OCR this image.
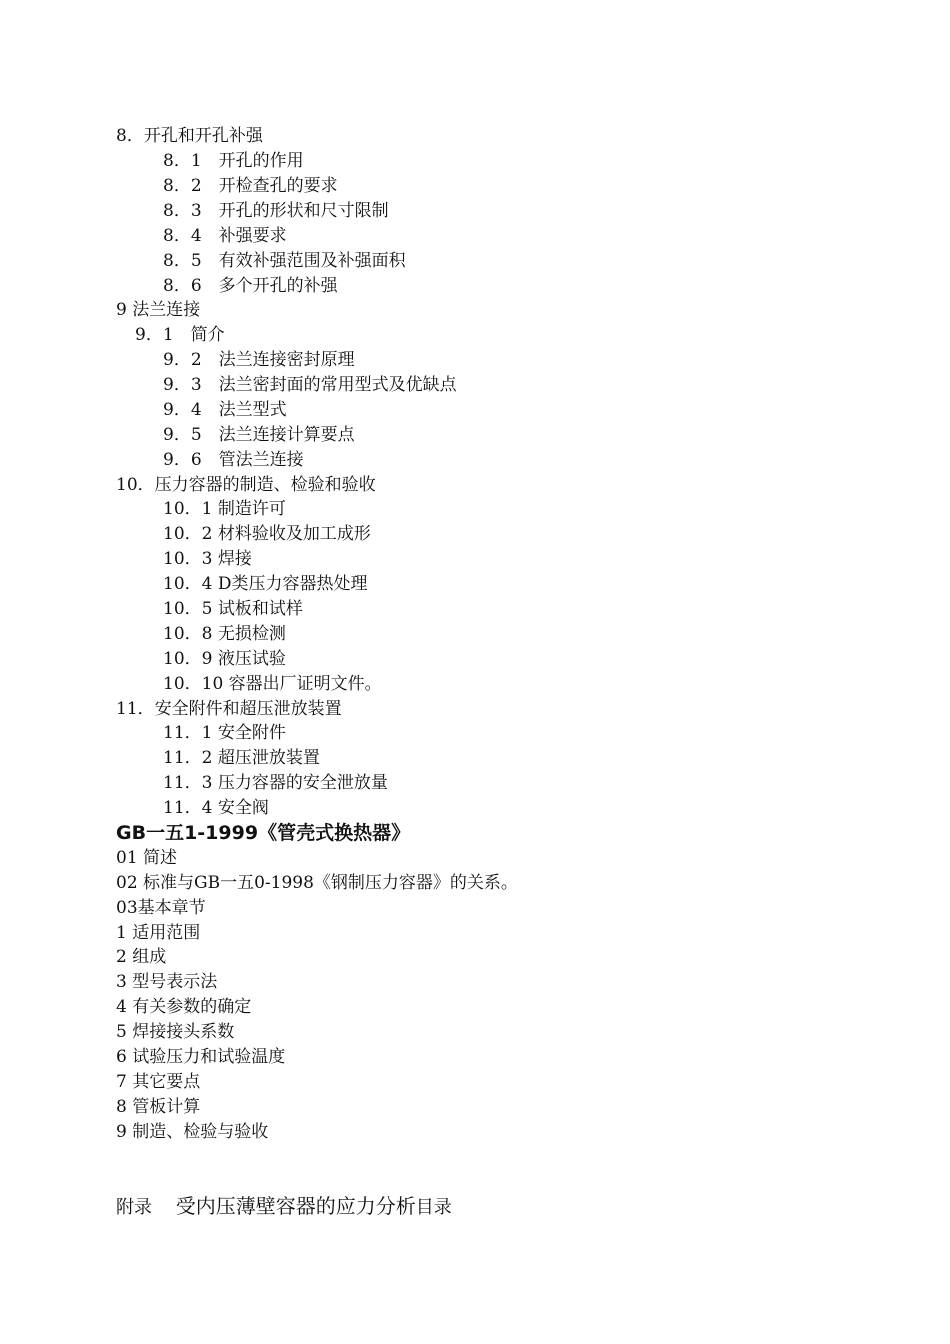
8．开孔和开孔补强
8．1　开孔的作用
8．2　开检查孔的要求
8．3　开孔的形状和尺寸限制
8．4　补强要求
8．5　有效补强范围及补强面积
8．6　多个开孔的补强
9 法兰连接
9．1　简介
9．2　法兰连接密封原理
9．3　法兰密封面的常用型式及优缺点
9．4　法兰型式
9．5　法兰连接计算要点
9．6　管法兰连接
10．压力容器的制造、检验和验收
10．1 制造许可
10．2 材料验收及加工成形
10．3 焊接
10．4 D类压力容器热处理
10．5 试板和试样
10．8 无损检测
10．9 液压试验
10．10 容器出厂证明文件。
11．安全附件和超压泄放装置
11．1 安全附件
11．2 超压泄放装置
11．3 压力容器的安全泄放量
11．4 安全阀
GB一五1-1999《管壳式换热器》
01 简述
02 标准与GB一五0-1998《钢制压力容器》的关系。
03基本章节
1 适用范围
2 组成
3 型号表示法
4 有关参数的确定
5 焊接接头系数
6 试验压力和试验温度
7 其它要点
8 管板计算
9 制造、检验与验收
附录　 受内压薄壁容器的应力分析目录
